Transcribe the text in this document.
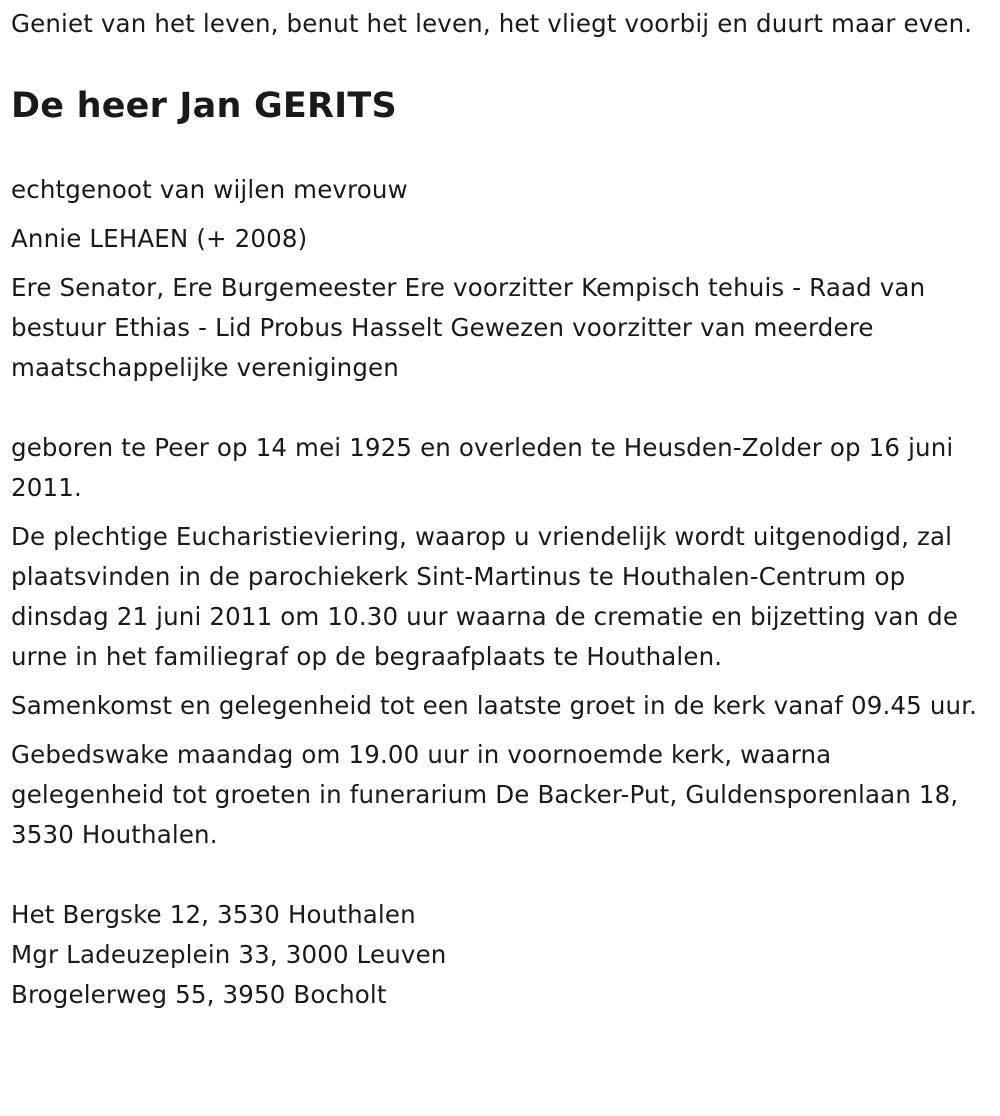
Geniet van het leven, benut het leven, het vliegt voorbij en duurt maar even.

De heer Jan GERITS

echtgenoot van wijlen mevrouw

Annie LEHAEN (+ 2008)

Ere Senator, Ere Burgemeester Ere voorzitter Kempisch tehuis - Raad van bestuur Ethias - Lid Probus Hasselt Gewezen voorzitter van meerdere maatschappelijke verenigingen

geboren te Peer op 14 mei 1925 en overleden te Heusden-Zolder op 16 juni 2011.

De plechtige Eucharistieviering, waarop u vriendelijk wordt uitgenodigd, zal plaatsvinden in de parochiekerk Sint-Martinus te Houthalen-Centrum op dinsdag 21 juni 2011 om 10.30 uur waarna de crematie en bijzetting van de urne in het familiegraf op de begraafplaats te Houthalen.

Samenkomst en gelegenheid tot een laatste groet in de kerk vanaf 09.45 uur.

Gebedswake maandag om 19.00 uur in voornoemde kerk, waarna gelegenheid tot groeten in funerarium De Backer-Put, Guldensporenlaan 18, 3530 Houthalen.

Het Bergske 12, 3530 Houthalen

Mgr Ladeuzeplein 33, 3000 Leuven

Brogelerweg 55, 3950 Bocholt
